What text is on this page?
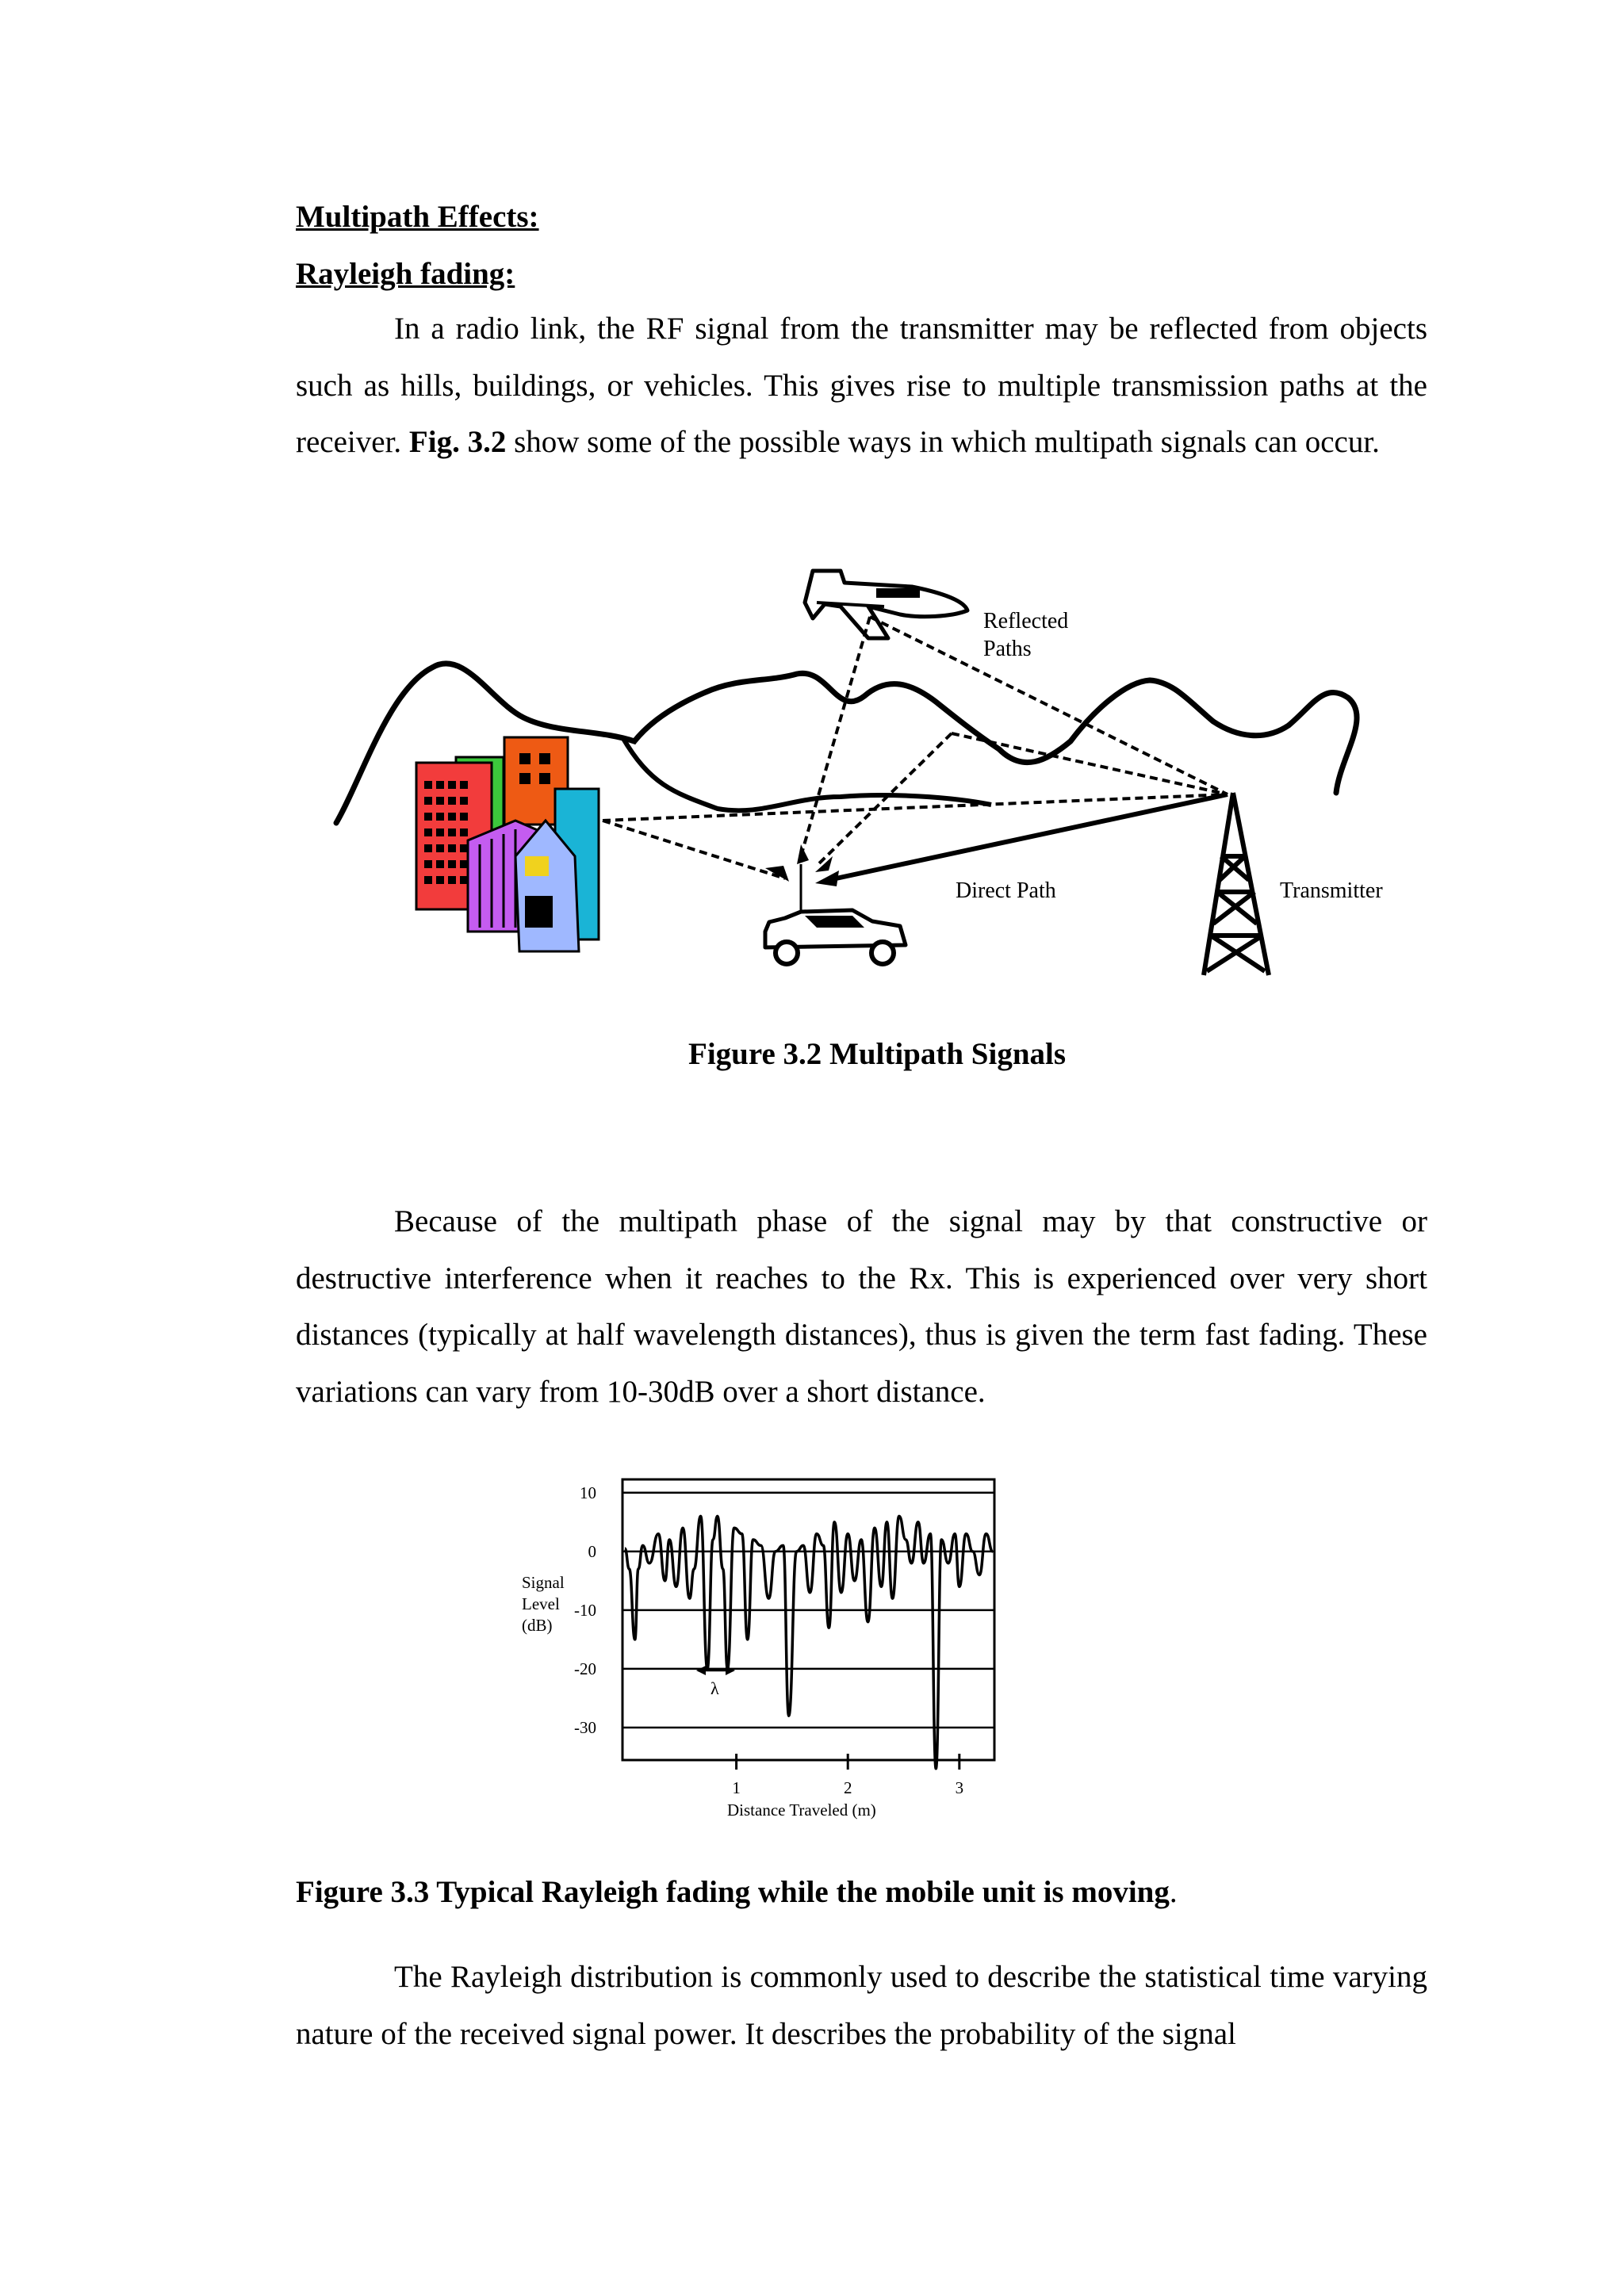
Multipath Effects:
Rayleigh fading:

In a radio link, the RF signal from the transmitter may be reflected from objects such as hills, buildings, or vehicles. This gives rise to multiple transmission paths at the receiver. Fig. 3.2 show some of the possible ways in which multipath signals can occur.

Reflected
Paths
Direct Path	Transmitter
Figure 3.2 Multipath Signals

Because of the multipath phase of the signal may by that constructive or destructive interference when it reaches to the Rx. This is experienced over very short distances (typically at half wavelength distances), thus is given the term fast fading. These variations can vary from 10-30dB over a short distance.

10
0
-10
-20
-30
1	2	3
Signal
Level
(dB)
Distance Traveled (m)
λ
Figure 3.3 Typical Rayleigh fading while the mobile unit is moving.

The Rayleigh distribution is commonly used to describe the statistical time varying nature of the received signal power. It describes the probability of the signal
